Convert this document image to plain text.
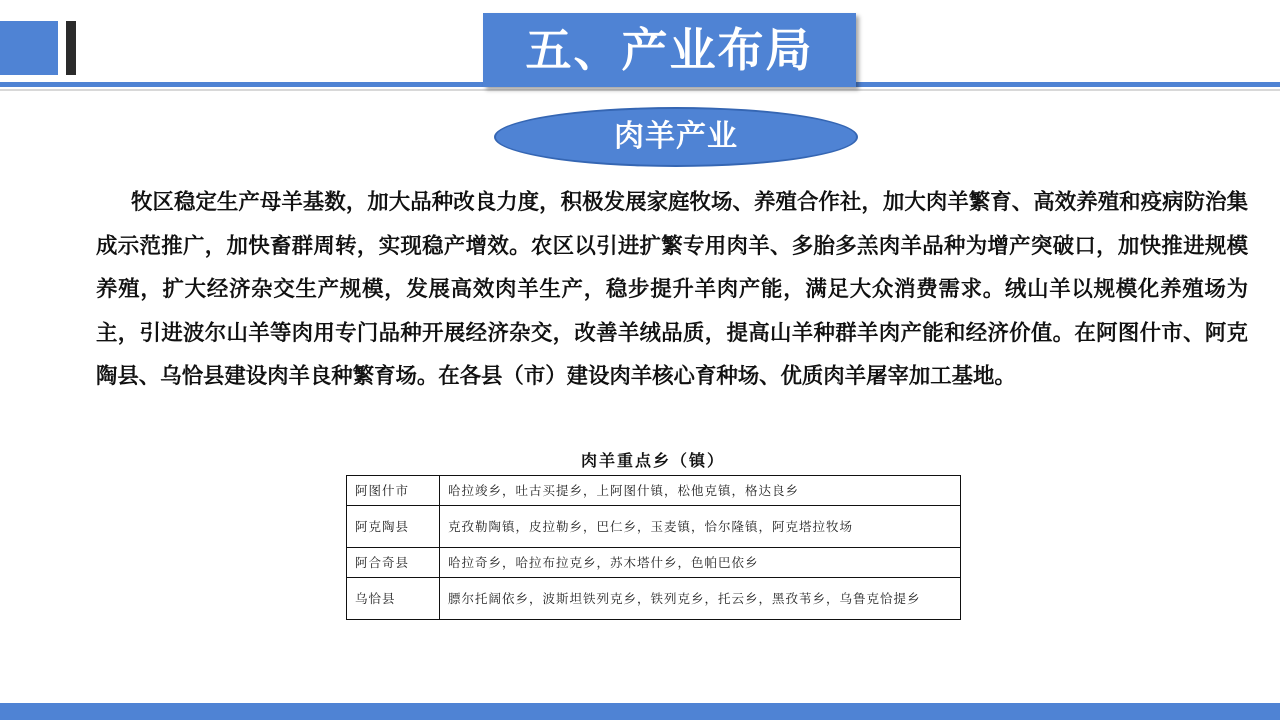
五、产业布局
肉羊产业

牧区稳定生产母羊基数，加大品种改良力度，积极发展家庭牧场、养殖合作社，加大肉羊繁育、高效养殖和疫病防治集成示范推广，加快畜群周转，实现稳产增效。农区以引进扩繁专用肉羊、多胎多羔肉羊品种为增产突破口，加快推进规模养殖，扩大经济杂交生产规模，发展高效肉羊生产，稳步提升羊肉产能，满足大众消费需求。绒山羊以规模化养殖场为主，引进波尔山羊等肉用专门品种开展经济杂交，改善羊绒品质，提高山羊种群羊肉产能和经济价值。在阿图什市、阿克陶县、乌恰县建设肉羊良种繁育场。在各县（市）建设肉羊核心育种场、优质肉羊屠宰加工基地。

肉羊重点乡（镇）
阿图什市	哈拉竣乡，吐古买提乡，上阿图什镇，松他克镇，格达良乡
阿克陶县	克孜勒陶镇，皮拉勒乡，巴仁乡，玉麦镇，恰尔隆镇，阿克塔拉牧场
阿合奇县	哈拉奇乡，哈拉布拉克乡，苏木塔什乡，色帕巴依乡
乌恰县	膘尔托阔依乡，波斯坦铁列克乡，铁列克乡，托云乡，黑孜苇乡，乌鲁克恰提乡
